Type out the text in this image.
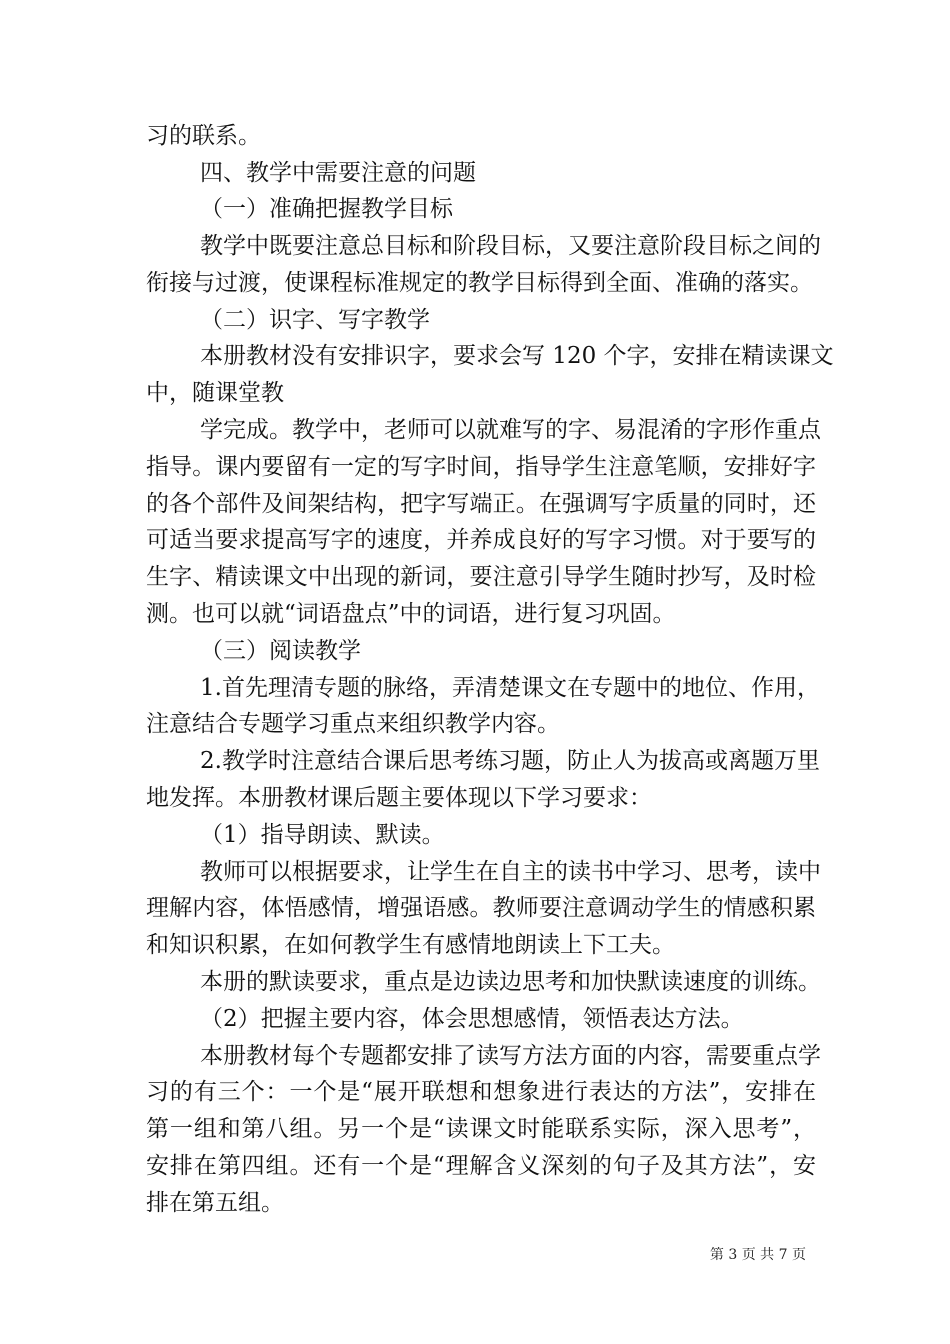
习的联系。
四、教学中需要注意的问题
（一）准确把握教学目标
教学中既要注意总目标和阶段目标，又要注意阶段目标之间的
衔接与过渡，使课程标准规定的教学目标得到全面、准确的落实。
（二）识字、写字教学
本册教材没有安排识字，要求会写 120 个字，安排在精读课文
中，随课堂教
学完成。教学中，老师可以就难写的字、易混淆的字形作重点
指导。课内要留有一定的写字时间，指导学生注意笔顺，安排好字
的各个部件及间架结构，把字写端正。在强调写字质量的同时，还
可适当要求提高写字的速度，并养成良好的写字习惯。对于要写的
生字、精读课文中出现的新词，要注意引导学生随时抄写，及时检
测。也可以就“词语盘点”中的词语，进行复习巩固。
（三）阅读教学
1.首先理清专题的脉络，弄清楚课文在专题中的地位、作用，
注意结合专题学习重点来组织教学内容。
2.教学时注意结合课后思考练习题，防止人为拔高或离题万里
地发挥。本册教材课后题主要体现以下学习要求：
（1）指导朗读、默读。
教师可以根据要求，让学生在自主的读书中学习、思考，读中
理解内容，体悟感情，增强语感。教师要注意调动学生的情感积累
和知识积累，在如何教学生有感情地朗读上下工夫。
本册的默读要求，重点是边读边思考和加快默读速度的训练。
（2）把握主要内容，体会思想感情，领悟表达方法。
本册教材每个专题都安排了读写方法方面的内容，需要重点学
习的有三个：一个是“展开联想和想象进行表达的方法”，安排在
第一组和第八组。另一个是“读课文时能联系实际，深入思考”，
安排在第四组。还有一个是“理解含义深刻的句子及其方法”，安
排在第五组。
第 3 页 共 7 页
